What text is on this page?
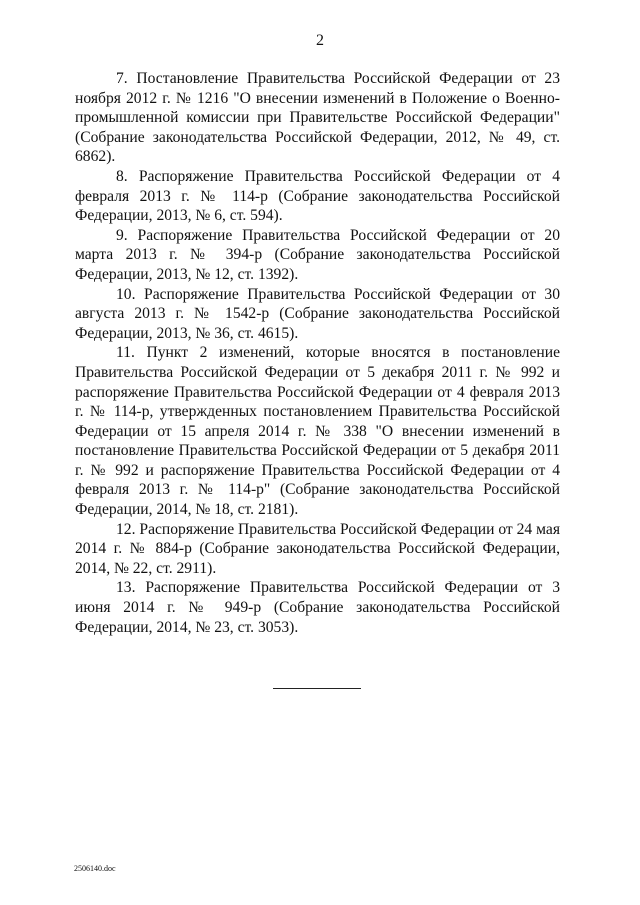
2

7. Постановление Правительства Российской Федерации от 23 ноября 2012 г. № 1216 "О внесении изменений в Положение о Военно-промышленной комиссии при Правительстве Российской Федерации" (Собрание законодательства Российской Федерации, 2012, № 49, ст. 6862).

8. Распоряжение Правительства Российской Федерации от 4 февраля 2013 г. № 114-р (Собрание законодательства Российской Федерации, 2013, № 6, ст. 594).

9. Распоряжение Правительства Российской Федерации от 20 марта 2013 г. № 394-р (Собрание законодательства Российской Федерации, 2013, № 12, ст. 1392).

10. Распоряжение Правительства Российской Федерации от 30 августа 2013 г. № 1542-р (Собрание законодательства Российской Федерации, 2013, № 36, ст. 4615).

11. Пункт 2 изменений, которые вносятся в постановление Правительства Российской Федерации от 5 декабря 2011 г. № 992 и распоряжение Правительства Российской Федерации от 4 февраля 2013 г. № 114-р, утвержденных постановлением Правительства Российской Федерации от 15 апреля 2014 г. № 338 "О внесении изменений в постановление Правительства Российской Федерации от 5 декабря 2011 г. № 992 и распоряжение Правительства Российской Федерации от 4 февраля 2013 г. № 114-р" (Собрание законодательства Российской Федерации, 2014, № 18, ст. 2181).

12. Распоряжение Правительства Российской Федерации от 24 мая 2014 г. № 884-р (Собрание законодательства Российской Федерации, 2014, № 22, ст. 2911).

13. Распоряжение Правительства Российской Федерации от 3 июня 2014 г. № 949-р (Собрание законодательства Российской Федерации, 2014, № 23, ст. 3053).

2506140.doc
